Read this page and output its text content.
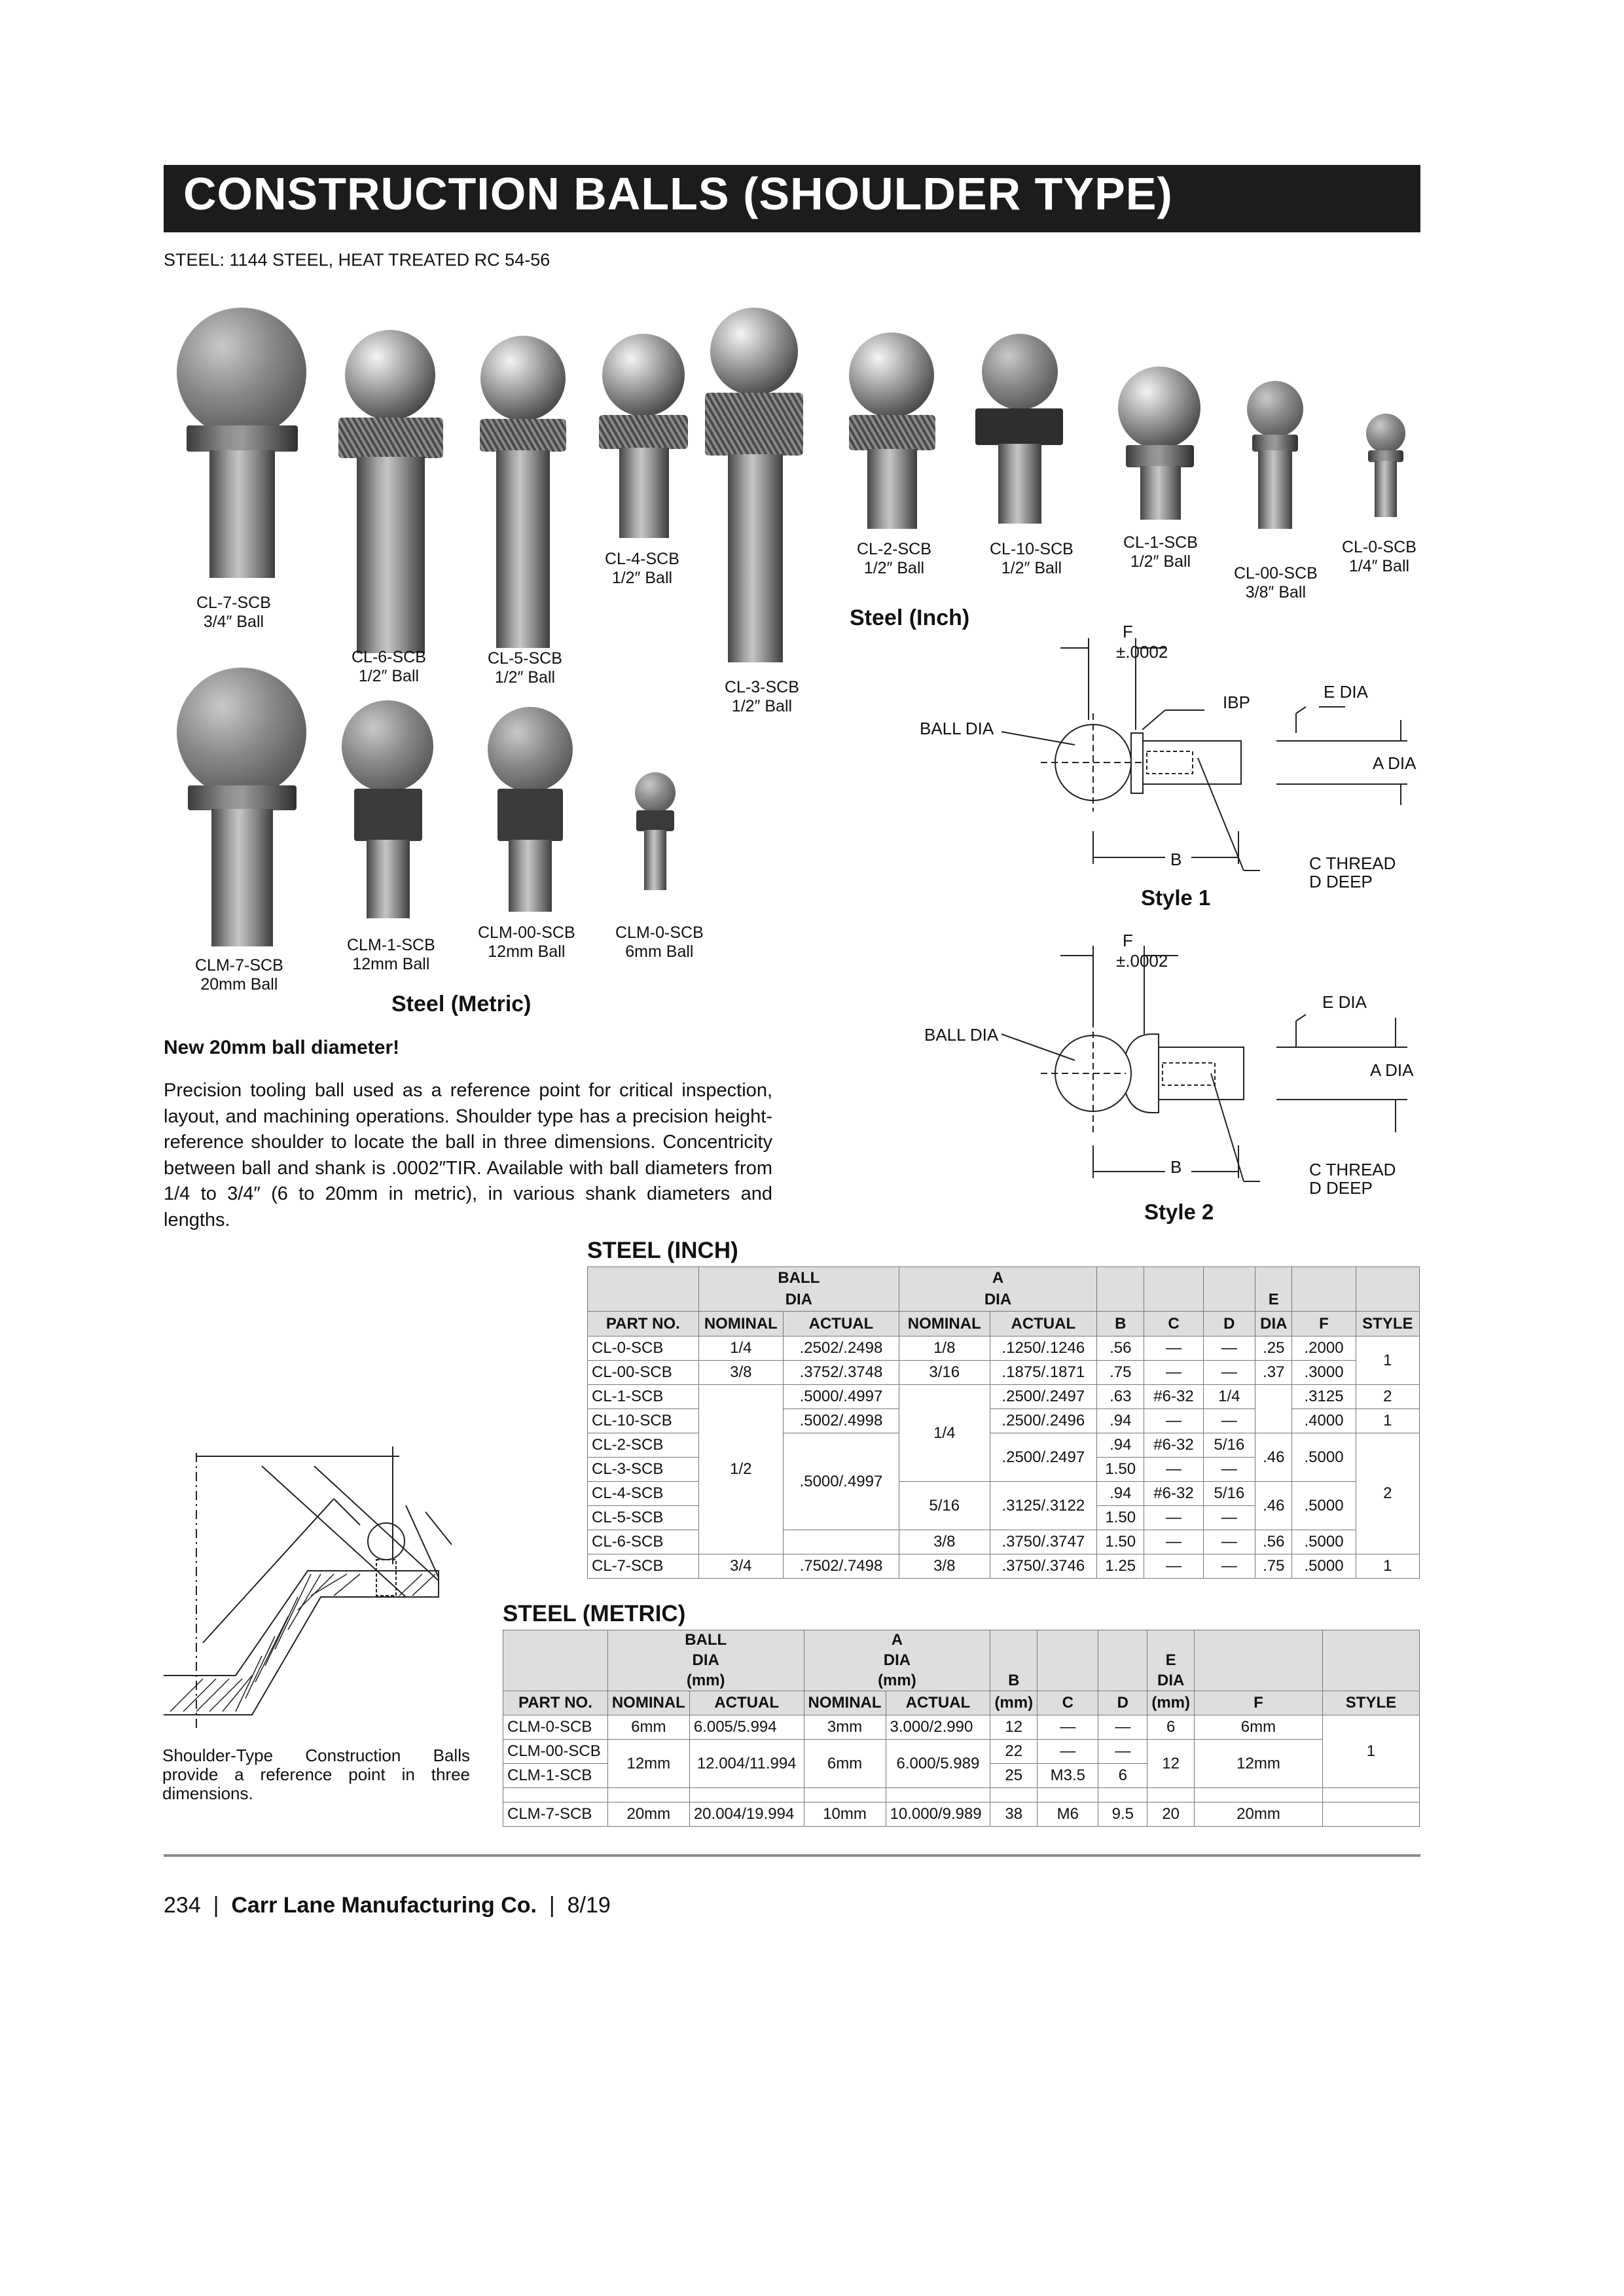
CONSTRUCTION BALLS (SHOULDER TYPE)
STEEL: 1144 STEEL, HEAT TREATED RC 54-56
CL-7-SCB
3/4″ Ball
CL-6-SCB
1/2″ Ball
CL-5-SCB
1/2″ Ball
CL-4-SCB
1/2″ Ball
CL-3-SCB
1/2″ Ball
CL-2-SCB
1/2″ Ball
CL-10-SCB
1/2″ Ball
CL-1-SCB
1/2″ Ball
CL-00-SCB
3/8″ Ball
CL-0-SCB
1/4″ Ball
CLM-7-SCB
20mm Ball
CLM-1-SCB
12mm Ball
CLM-00-SCB
12mm Ball
CLM-0-SCB
6mm Ball
Steel (Inch)
Steel (Metric)
F
±.0002
IBP
E DIA
A DIA
BALL DIA
B	C THREAD
D DEEP
Style 1
F
±.0002
E DIA
A DIA
BALL DIA
B	C THREAD
D DEEP
Style 2
New 20mm ball diameter!
Precision tooling ball used as a reference point for critical inspection, layout, and machining operations. Shoulder type has a precision height-reference shoulder to locate the ball in three dimensions. Concentricity between ball and shank is .0002″TIR. Available with ball diameters from 1/4 to 3/4″ (6 to 20mm in metric), in various shank diameters and lengths.
Shoulder-Type Construction Balls provide a reference point in three dimensions.
STEEL (INCH)
	BALL		A							
	DIA		DIA					E		
PART NO.	NOMINAL	ACTUAL	NOMINAL	ACTUAL	B	C	D	DIA	F	STYLE
CL-0-SCB	1/4	.2502/.2498	1/8	.1250/.1246	.56	—	—	.25	.2000	1
CL-00-SCB	3/8	.3752/.3748	3/16	.1875/.1871	.75	—	—	.37	.3000	
CL-1-SCB	1/2	.5000/.4997	1/4	.2500/.2497	.63	#6-32	1/4		.3125	2
CL-10-SCB		.5002/.4998		.2500/.2496	.94	—	—		.4000	1
CL-2-SCB		.5000/.4997		.2500/.2497	.94	#6-32	5/16	.46	.5000	2
CL-3-SCB					1.50	—	—			
CL-4-SCB			5/16	.3125/.3122	.94	#6-32	5/16	.46	.5000	
CL-5-SCB					1.50	—	—			
CL-6-SCB			3/8	.3750/.3747	1.50	—	—	.56	.5000	
CL-7-SCB	3/4	.7502/.7498	3/8	.3750/.3746	1.25	—	—	.75	.5000	1
STEEL (METRIC)
	BALL		A							
	DIA		DIA					E		
	(mm)		(mm)		B			DIA		
PART NO.	NOMINAL	ACTUAL	NOMINAL	ACTUAL	(mm)	C	D	(mm)	F	STYLE
CLM-0-SCB	6mm	6.005/5.994	3mm	3.000/2.990	12	—	—	6	6mm	1
CLM-00-SCB	12mm	12.004/11.994	6mm	6.000/5.989	22	—	—	12	12mm	
CLM-1-SCB					25	M3.5	6			

CLM-7-SCB	20mm	20.004/19.994	10mm	10.000/9.989	38	M6	9.5	20	20mm	
234  |  Carr Lane Manufacturing Co.  |  8/19
